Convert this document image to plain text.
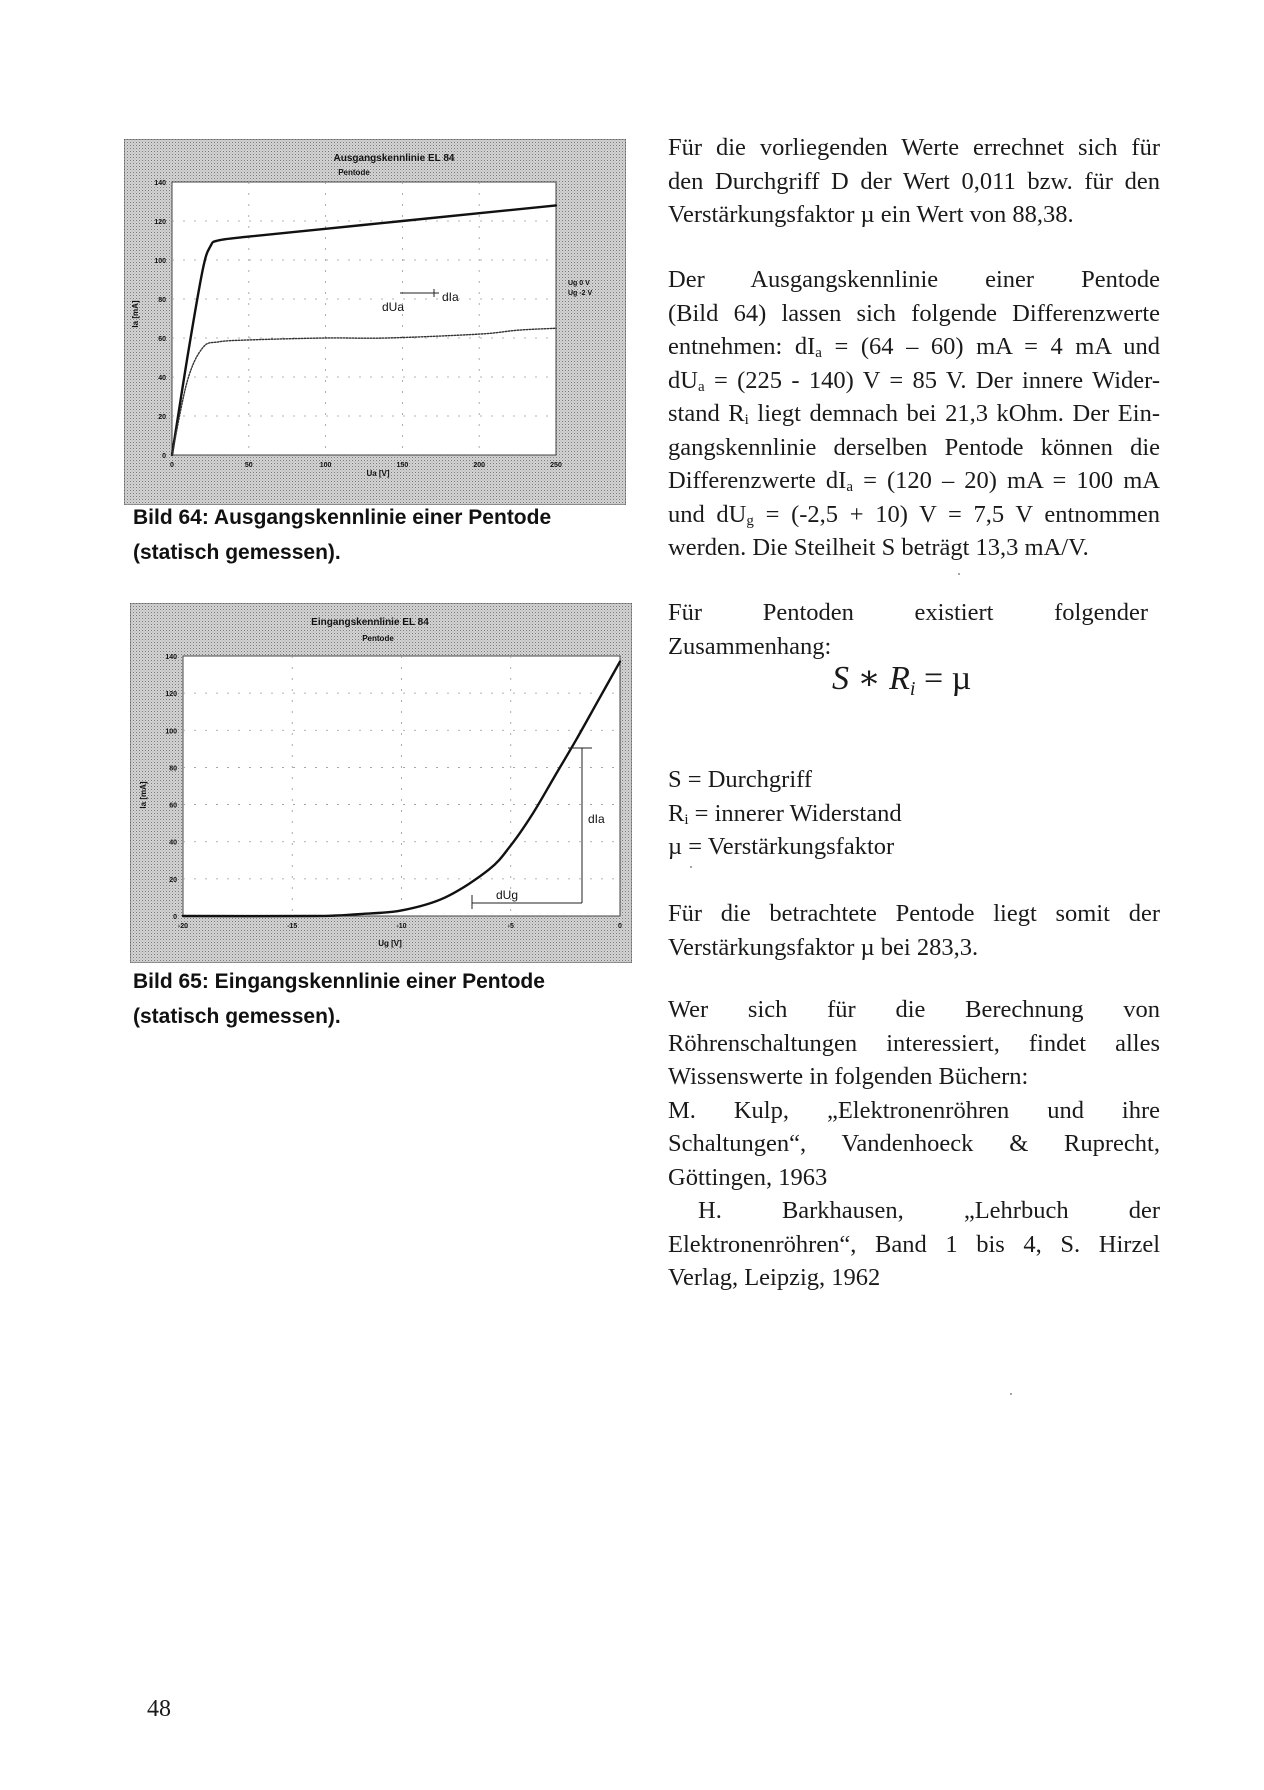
0
20
40
60
80
100
120
140
0	50	100	150	200	250
Ausgangskennlinie EL 84
Pentode
Ia [mA]
Ua [V]
Ug 0 V
Ug -2 V
dUa
dIa
Bild 64: Ausgangskennlinie einer Pentode
(statisch gemessen).
0
20
40
60
80
100
120
140
-20	-15	-10	-5	0
Eingangskennlinie EL 84
Pentode
Ia [mA]
Ug [V]
dIa
dUg
Bild 65: Eingangskennlinie einer Pentode
(statisch gemessen).
Für die vorliegenden Werte errechnet sich für
den Durchgriff D der Wert 0,011 bzw. für den
Verstärkungsfaktor µ ein Wert von 88,38.
Der Ausgangskennlinie einer Pentode
(Bild 64) lassen sich folgende Differenzwerte
entnehmen: $dI_a = (64 - 60)$ mA = 4 mA und
$dU_a = (225 - 140) V = 85$ V. Der innere Wider-
stand $R_i$ liegt demnach bei 21,3 kOhm. Der Ein-
gangskennlinie derselben Pentode können die
Differenzwerte $dI_a = (120 - 20)$ mA = 100 mA
und $dU_g = (-2,5 + 10) V = 7,5$ V entnommen
werden. Die Steilheit S beträgt 13,3 mA/V.

Für Pentoden existiert folgender Zusammenhang:

S ∗ $R_i = \mu$
S = Durchgriff
$R_i$ = innerer Widerstand
µ = Verstärkungsfaktor

Für die betrachtete Pentode liegt somit der Verstärkungsfaktor µ bei 283,3.

Wer sich für die Berechnung von Röhrenschaltungen interessiert, findet alles Wissenswerte in folgenden Büchern:

M. Kulp, „Elektronenröhren und ihre Schaltungen“, Vandenhoeck & Ruprecht, Göttingen, 1963

H. Barkhausen, „Lehrbuch der Elektronenröhren“, Band 1 bis 4, S. Hirzel Verlag, Leipzig, 1962

48
